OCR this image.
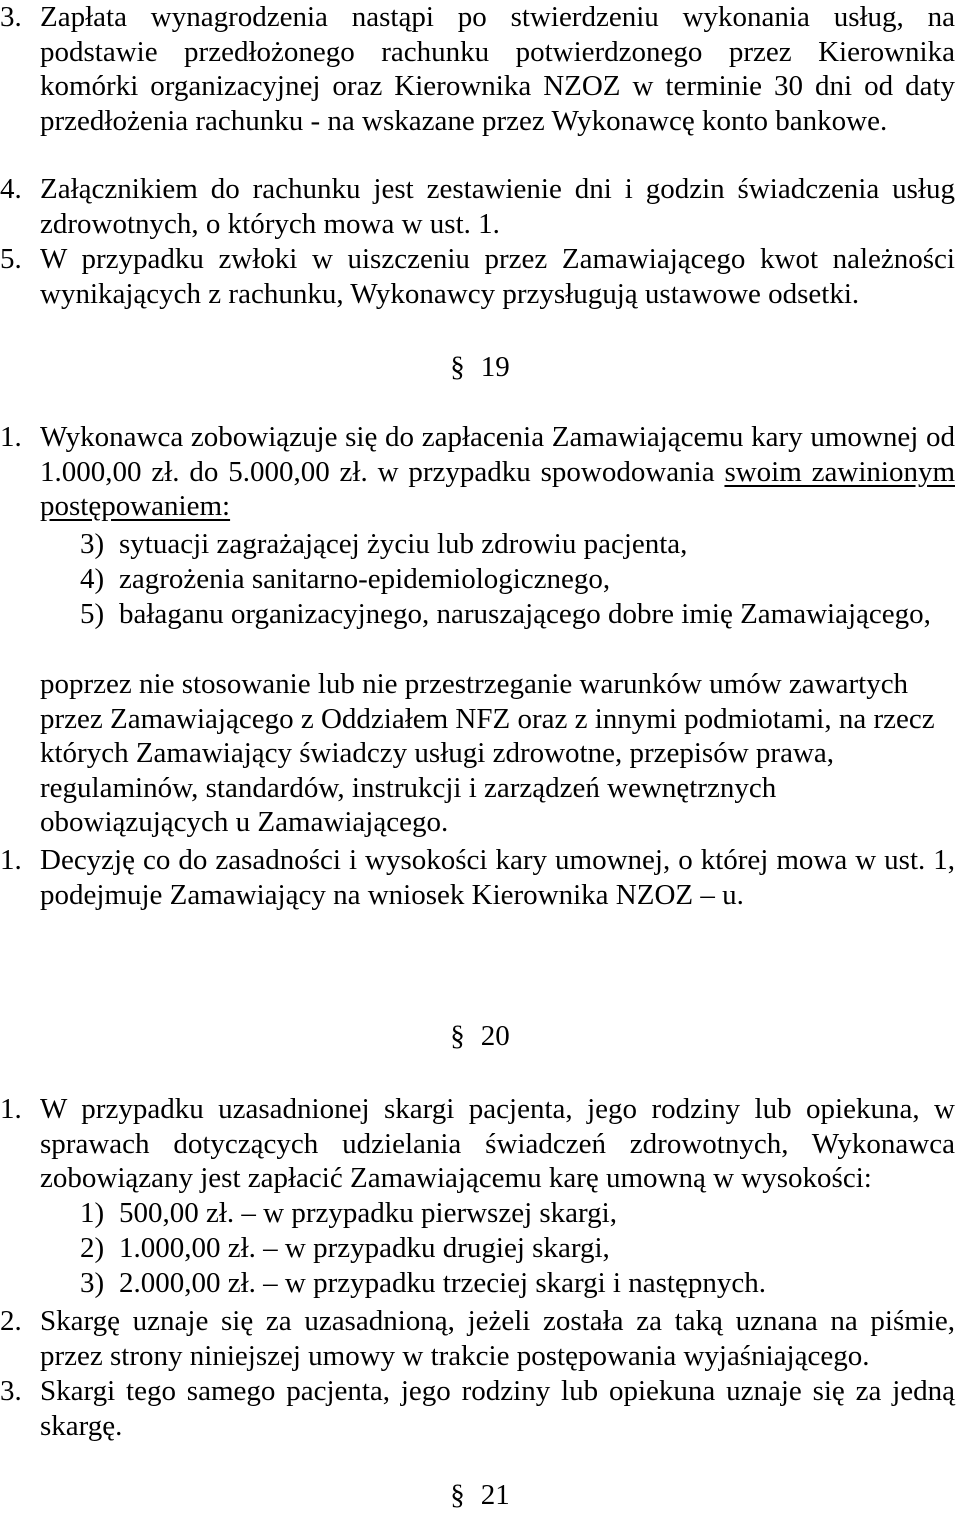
3. Zapłata wynagrodzenia nastąpi po stwierdzeniu wykonania usług, na podstawie przedłożonego rachunku potwierdzonego przez Kierownika komórki organizacyjnej oraz Kierownika NZOZ w terminie 30 dni od daty przedłożenia rachunku - na wskazane przez Wykonawcę konto bankowe.
4. Załącznikiem do rachunku jest zestawienie dni i godzin świadczenia usług zdrowotnych, o których mowa w ust. 1.
5. W przypadku zwłoki w uiszczeniu przez Zamawiającego kwot należności wynikających z rachunku, Wykonawcy przysługują ustawowe odsetki.
§ 19
1. Wykonawca zobowiązuje się do zapłacenia Zamawiającemu kary umownej od 1.000,00 zł. do 5.000,00 zł. w przypadku spowodowania swoim zawinionym postępowaniem:
3) sytuacji zagrażającej życiu lub zdrowiu pacjenta,
4) zagrożenia sanitarno-epidemiologicznego,
5) bałaganu organizacyjnego, naruszającego dobre imię Zamawiającego,
poprzez nie stosowanie lub nie przestrzeganie warunków umów zawartych przez Zamawiającego z Oddziałem NFZ oraz z innymi podmiotami, na rzecz których Zamawiający świadczy usługi zdrowotne, przepisów prawa, regulaminów, standardów, instrukcji i zarządzeń wewnętrznych obowiązujących u Zamawiającego.
1. Decyzję co do zasadności i wysokości kary umownej, o której mowa w ust. 1, podejmuje Zamawiający na wniosek Kierownika NZOZ – u.
§ 20
1. W przypadku uzasadnionej skargi pacjenta, jego rodziny lub opiekuna, w sprawach dotyczących udzielania świadczeń zdrowotnych, Wykonawca zobowiązany jest zapłacić Zamawiającemu karę umowną w wysokości:
1) 500,00 zł. – w przypadku pierwszej skargi,
2) 1.000,00 zł. – w przypadku drugiej skargi,
3) 2.000,00 zł. – w przypadku trzeciej skargi i następnych.
2. Skargę uznaje się za uzasadnioną, jeżeli została za taką uznana na piśmie, przez strony niniejszej umowy w trakcie postępowania wyjaśniającego.
3. Skargi tego samego pacjenta, jego rodziny lub opiekuna uznaje się za jedną skargę.
§ 21
